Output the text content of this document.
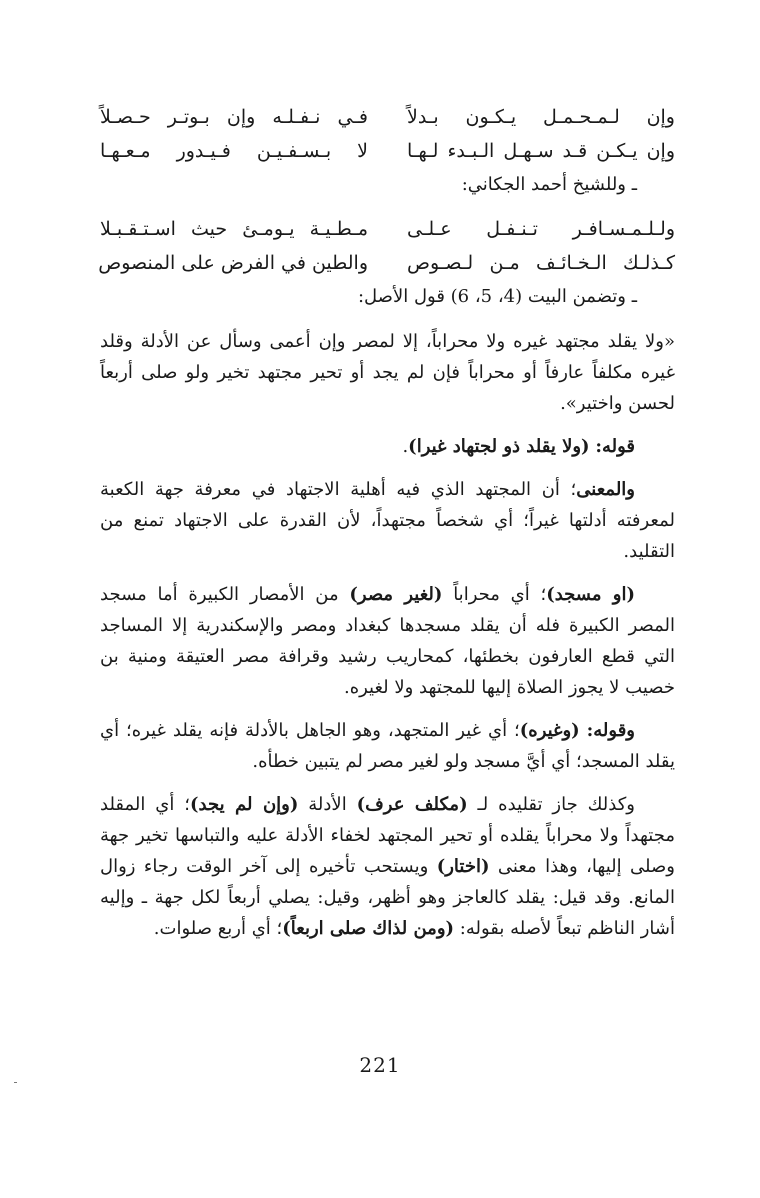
وإن لـمـحـمـل يـكـون بـدلاً
فـي نـفـلـه وإن بـوتـر حـصـلاً
وإن يـكـن قـد سـهـل الـبـدء لـهـا
لا بـسـفـيـن فـيـدور مـعـهـا
ـ وللشيخ أحمد الجكاني:
ولـلـمـسـافـر تـنـفـل عـلـى
مـطـيـة يـومـئ حيث اسـتـقـبـلا
كـذلـك الـخـائـف مـن لـصـوص
والطين في الفرض على المنصوص
ـ وتضمن البيت (4، 5، 6) قول الأصل:

«ولا يقلد مجتهد غيره ولا محراباً، إلا لمصر وإن أعمى وسأل عن الأدلة وقلد غيره مكلفاً عارفاً أو محراباً فإن لم يجد أو تحير مجتهد تخير ولو صلى أربعاً لحسن واختير».

قوله: (ولا يقلد ذو لجتهاد غيرا).

والمعنى؛ أن المجتهد الذي فيه أهلية الاجتهاد في معرفة جهة الكعبة لمعرفته أدلتها غيراً؛ أي شخصاً مجتهداً، لأن القدرة على الاجتهاد تمنع من التقليد.

(او مسجد)؛ أي محراباً (لغير مصر) من الأمصار الكبيرة أما مسجد المصر الكبيرة فله أن يقلد مسجدها كبغداد ومصر والإسكندرية إلا المساجد التي قطع العارفون بخطئها، كمحاريب رشيد وقرافة مصر العتيقة ومنية بن خصيب لا يجوز الصلاة إليها للمجتهد ولا لغيره.

وقوله: (وغيره)؛ أي غير المتجهد، وهو الجاهل بالأدلة فإنه يقلد غيره؛ أي يقلد المسجد؛ أي أيَّ مسجد ولو لغير مصر لم يتبين خطأه.

وكذلك جاز تقليده لـ (مكلف عرف) الأدلة (وإن لم يجد)؛ أي المقلد مجتهداً ولا محراباً يقلده أو تحير المجتهد لخفاء الأدلة عليه والتباسها تخير جهة وصلى إليها، وهذا معنى (اختار) ويستحب تأخيره إلى آخر الوقت رجاء زوال المانع. وقد قيل: يقلد كالعاجز وهو أظهر، وقيل: يصلي أربعاً لكل جهة ـ وإليه أشار الناظم تبعاً لأصله بقوله: (ومن لذاك صلى اربعاً)؛ أي أربع صلوات.

221
